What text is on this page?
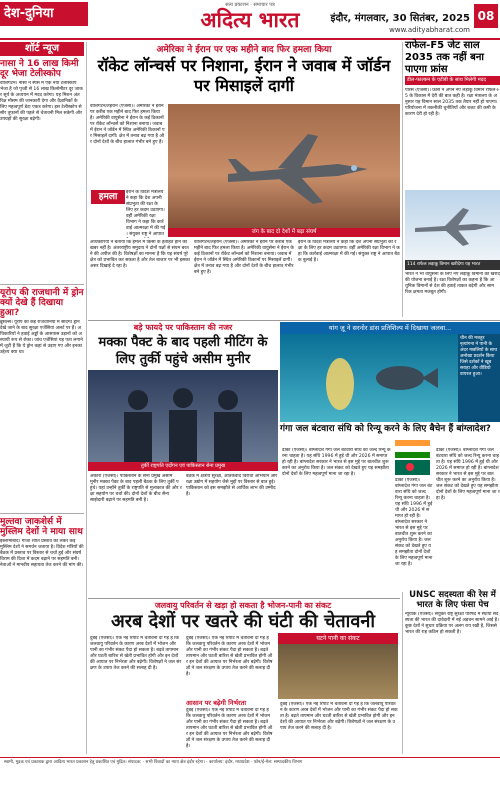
देश-दुनिया
सत्य प्रकाशन · समाचार पत्र
अदित्य भारत	इंदौर, मंगलवार, 30 सितंबर, 2025
www.adityabharat.com
08
शॉर्ट न्यूज
नासा ने 16 लाख किमी दूर भेजा टेलीस्कोप
वॉशिंगटन। नासा ने स्पेस में एक नया टेलीस्कोप भेजा है जो पृथ्वी से 16 लाख किलोमीटर दूर जाकर सूर्य के अध्ययन में मदद करेगा। यह मिशन अंतरिक्ष मौसम की जानकारी देगा और वैज्ञानिकों के लिए महत्वपूर्ण डेटा एकत्र करेगा। इस टेलीस्कोप से सौर तूफानों की पहले से चेतावनी मिल सकेगी और उपग्रहों की सुरक्षा बढ़ेगी।
यूरोप की राजधानी में ड्रोन क्यों देखे हैं दिखाया हुआ?
ब्रुसेल्स। यूरोप की कई राजधानियों में संदिग्ध ड्रोन देखे जाने के बाद सुरक्षा एजेंसियां अलर्ट पर हैं। अधिकारियों ने हवाई अड्डों के आसपास उड़ानों को अस्थायी रूप से रोका। जांच एजेंसियां यह पता लगाने में जुटी हैं कि ये ड्रोन कहां से उड़ाए गए और इनका उद्देश्य क्या था।
मुल्तवा जाकशेर्स में मुस्लिम देशों ने माया साथ
इस्लामाबाद। गाजा शांति प्रस्ताव को लेकर कई मुस्लिम देशों ने समर्थन जताया है। विदेश मंत्रियों की बैठक में प्रस्ताव पर विस्तार से चर्चा हुई और संघर्षविराम की दिशा में कदम बढ़ाने पर सहमति बनी। नेताओं ने मानवीय सहायता तेज करने की मांग की।
अमेरिका ने ईरान पर एक महीने बाद फिर हमला किया
रॉकेट लॉन्चर्स पर निशाना, ईरान ने जवाब में जॉर्डन पर मिसाइलें दागीं
वॉशिंगटन/तेहरान (एजेंसी)। अमेरिका ने ईरान पर करीब एक महीने बाद फिर हमला किया है। अमेरिकी वायुसेना ने ईरान के कई ठिकानों पर रॉकेट लॉन्चर्स को निशाना बनाया। जवाब में ईरान ने जॉर्डन में स्थित अमेरिकी ठिकानों पर मिसाइलें दागीं। क्षेत्र में तनाव बढ़ गया है और दोनों देशों के बीच हालात गंभीर बने हुए हैं।
हमला	ईरान के विदेश मंत्रालय ने कहा कि देश अपनी संप्रभुता की रक्षा के लिए हर कदम उठाएगा। वहीं अमेरिकी रक्षा विभाग ने कहा कि कार्रवाई आत्मरक्षा में की गई। संयुक्त राष्ट्र ने आपात	जंग के बाद दो देशों में बढ़ा संघर्ष
अधिकारियों ने बताया कि हमले में किसी के हताहत होने की खबर नहीं है। अंतरराष्ट्रीय समुदाय ने दोनों पक्षों से संयम बरतने की अपील की है। विशेषज्ञों का मानना है कि यह संघर्ष पूरे क्षेत्र को प्रभावित कर सकता है और तेल बाजार पर भी इसका असर दिखाई दे रहा है।
वॉशिंगटन/तेहरान (एजेंसी)। अमेरिका ने ईरान पर करीब एक महीने बाद फिर हमला किया है। अमेरिकी वायुसेना ने ईरान के कई ठिकानों पर रॉकेट लॉन्चर्स को निशाना बनाया। जवाब में ईरान ने जॉर्डन में स्थित अमेरिकी ठिकानों पर मिसाइलें दागीं। क्षेत्र में तनाव बढ़ गया है और दोनों देशों के बीच हालात गंभीर बने हुए हैं।
ईरान के विदेश मंत्रालय ने कहा कि देश अपनी संप्रभुता की रक्षा के लिए हर कदम उठाएगा। वहीं अमेरिकी रक्षा विभाग ने कहा कि कार्रवाई आत्मरक्षा में की गई। संयुक्त राष्ट्र ने आपात बैठक बुलाई है।
राफेल-F5 जेट साल 2035 तक नहीं बना पाएगा फ्रांस
डील-फाल्कन के एटीबी के साथ मिलेगी मदद
पेरिस (एजेंसी)। फ्रांस ने अपने नए लड़ाकू विमान राफेल-F5 के विकास में देरी की बात कही है। रक्षा मंत्रालय के अनुसार यह विमान साल 2035 तक तैयार नहीं हो पाएगा। परियोजना में तकनीकी चुनौतियों और बजट की कमी के कारण देरी हो रही है।
114 राफेल लड़ाकू विमान खरीदेगा यह भारत
भारत ने भी वायुसेना के लिए नए लड़ाकू विमानों की खरीद की योजना बनाई है। रक्षा विशेषज्ञों का कहना है कि आधुनिक विमानों से देश की हवाई ताकत बढ़ेगी और सामरिक क्षमता मजबूत होगी।
बड़े फायदे पर पाकिस्तान की नजर
मक्का पैक्ट के बाद पहली मीटिंग के लिए तुर्की पहुंचे असीम मुनीर
तुर्की राष्ट्रपति एर्दोगन एवं पाकिस्तान सेना प्रमुख
अंकारा (एजेंसी)। पाकिस्तान के सेना प्रमुख असीम मुनीर मक्का पैक्ट के बाद पहली बैठक के लिए तुर्की पहुंचे। यहां उन्होंने तुर्की के राष्ट्रपति से मुलाकात की और रक्षा सहयोग पर चर्चा की। दोनों देशों के बीच सैन्य साझेदारी बढ़ाने पर सहमति बनी है।
बैठक में क्षेत्रीय सुरक्षा, आतंकवाद विरोधी अभियान और रक्षा उद्योग में सहयोग जैसे मुद्दों पर विस्तार से बात हुई। पाकिस्तान को इस समझौते से आर्थिक लाभ की उम्मीद है।
यांग ज़ू ने सरनोर डांस प्रतिशिल्प में दिखाया जलवा...
चीन की मशहूर नृत्यांगना ने पानी के अंदर मछलियों के साथ अनोखा प्रदर्शन किया जिसे दर्शकों ने खूब सराहा और वीडियो वायरल हुआ।
गंगा जल बंटवारा संधि को रिन्यू करने के लिए बैचेन हैं बांग्लादेश?
ढाका (एजेंसी)। बांग्लादेश गंगा जल बंटवारा संधि को जल्द रिन्यू करना चाहता है। यह संधि 1996 में हुई थी और 2026 में समाप्त हो रही है। बांग्लादेश सरकार ने भारत से इस मुद्दे पर बातचीत शुरू करने का अनुरोध किया है। जल संकट को देखते हुए यह समझौता दोनों देशों के लिए महत्वपूर्ण माना जा रहा है।
ढाका (एजेंसी)। बांग्लादेश गंगा जल बंटवारा संधि को जल्द रिन्यू करना चाहता है। यह संधि 1996 में हुई थी और 2026 में समाप्त हो रही है। बांग्लादेश सरकार ने भारत से इस मुद्दे पर बातचीत शुरू करने का अनुरोध किया है। जल संकट को देखते हुए यह समझौता दोनों देशों के लिए महत्वपूर्ण माना जा रहा है।
ढाका (एजेंसी)। बांग्लादेश गंगा जल बंटवारा संधि को जल्द रिन्यू करना चाहता है। यह संधि 1996 में हुई थी और 2026 में समाप्त हो रही है। बांग्लादेश सरकार ने भारत से इस मुद्दे पर बातचीत शुरू करने का अनुरोध किया है। जल संकट को देखते हुए यह समझौता दोनों देशों के लिए महत्वपूर्ण माना जा रहा है।
UNSC सदस्यता की रेस में भारत के लिए फंसा पेच
न्यूयॉर्क (एजेंसी)। संयुक्त राष्ट्र सुरक्षा परिषद में स्थायी सदस्यता की भारत की दावेदारी में नई अड़चन सामने आई है। कुछ देशों ने सुधार प्रक्रिया पर अलग राय रखी है, जिससे भारत की राह कठिन हो सकती है।
जलवायु परिवर्तन से खड़ा हो सकता है भोजन-पानी का संकट
अरब देशों पर खतरे की घंटी की चेतावनी
दुबई (एजेंसी)। एक नई रिपोर्ट में चेतावनी दी गई है कि जलवायु परिवर्तन के कारण अरब देशों में भोजन और पानी का गंभीर संकट पैदा हो सकता है। बढ़ते तापमान और घटती बारिश से खेती प्रभावित होगी और इन देशों की आयात पर निर्भरता और बढ़ेगी। विशेषज्ञों ने जल संरक्षण के उपाय तेज करने की सलाह दी है।
दुबई (एजेंसी)। एक नई रिपोर्ट में चेतावनी दी गई है कि जलवायु परिवर्तन के कारण अरब देशों में भोजन और पानी का गंभीर संकट पैदा हो सकता है। बढ़ते तापमान और घटती बारिश से खेती प्रभावित होगी और इन देशों की आयात पर निर्भरता और बढ़ेगी। विशेषज्ञों ने जल संरक्षण के उपाय तेज करने की सलाह दी है।
आसान पर बढ़ेगी निर्भरता
दुबई (एजेंसी)। एक नई रिपोर्ट में चेतावनी दी गई है कि जलवायु परिवर्तन के कारण अरब देशों में भोजन और पानी का गंभीर संकट पैदा हो सकता है। बढ़ते तापमान और घटती बारिश से खेती प्रभावित होगी और इन देशों की आयात पर निर्भरता और बढ़ेगी। विशेषज्ञों ने जल संरक्षण के उपाय तेज करने की सलाह दी है।
घटने पानी का संकट
दुबई (एजेंसी)। एक नई रिपोर्ट में चेतावनी दी गई है कि जलवायु परिवर्तन के कारण अरब देशों में भोजन और पानी का गंभीर संकट पैदा हो सकता है। बढ़ते तापमान और घटती बारिश से खेती प्रभावित होगी और इन देशों की आयात पर निर्भरता और बढ़ेगी। विशेषज्ञों ने जल संरक्षण के उपाय तेज करने की सलाह दी है।
स्वामी, मुद्रक एवं प्रकाशक द्वारा आदित्य भारत प्रकाशन हेतु प्रकाशित एवं मुद्रित। संपादक: · सभी विवादों का न्याय क्षेत्र इंदौर रहेगा। · कार्यालय: इंदौर, मध्यप्रदेश · फोन/ई-मेल: सम्पादकीय विभाग
